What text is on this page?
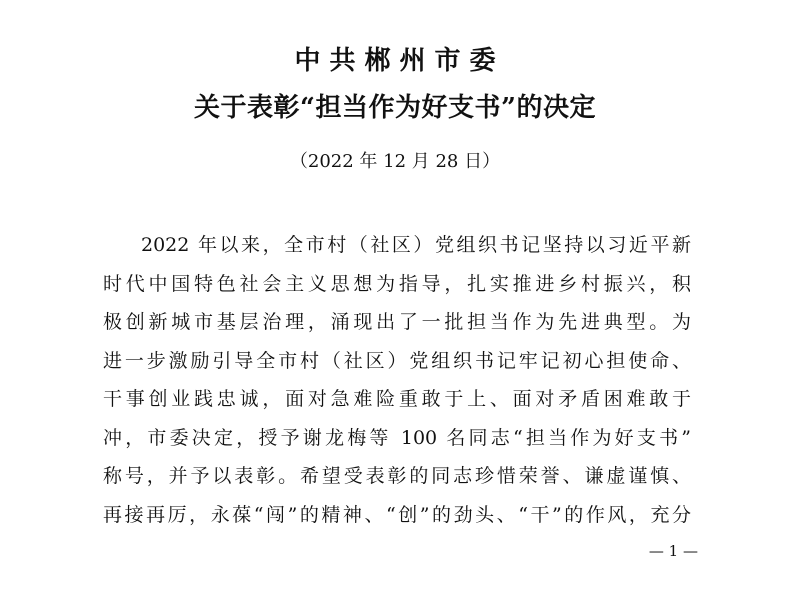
中共郴州市委
关于表彰“担当作为好支书”的决定
（2022 年 12 月 28 日）
2022 年以来，全市村（社区）党组织书记坚持以习近平新
时代中国特色社会主义思想为指导，扎实推进乡村振兴，积
极创新城市基层治理，涌现出了一批担当作为先进典型。为
进一步激励引导全市村（社区）党组织书记牢记初心担使命、
干事创业践忠诚，面对急难险重敢于上、面对矛盾困难敢于
冲，市委决定，授予谢龙梅等 100 名同志“担当作为好支书”
称号，并予以表彰。希望受表彰的同志珍惜荣誉、谦虚谨慎、
再接再厉，永葆“闯”的精神、“创”的劲头、“干”的作风，充分
— 1 —
